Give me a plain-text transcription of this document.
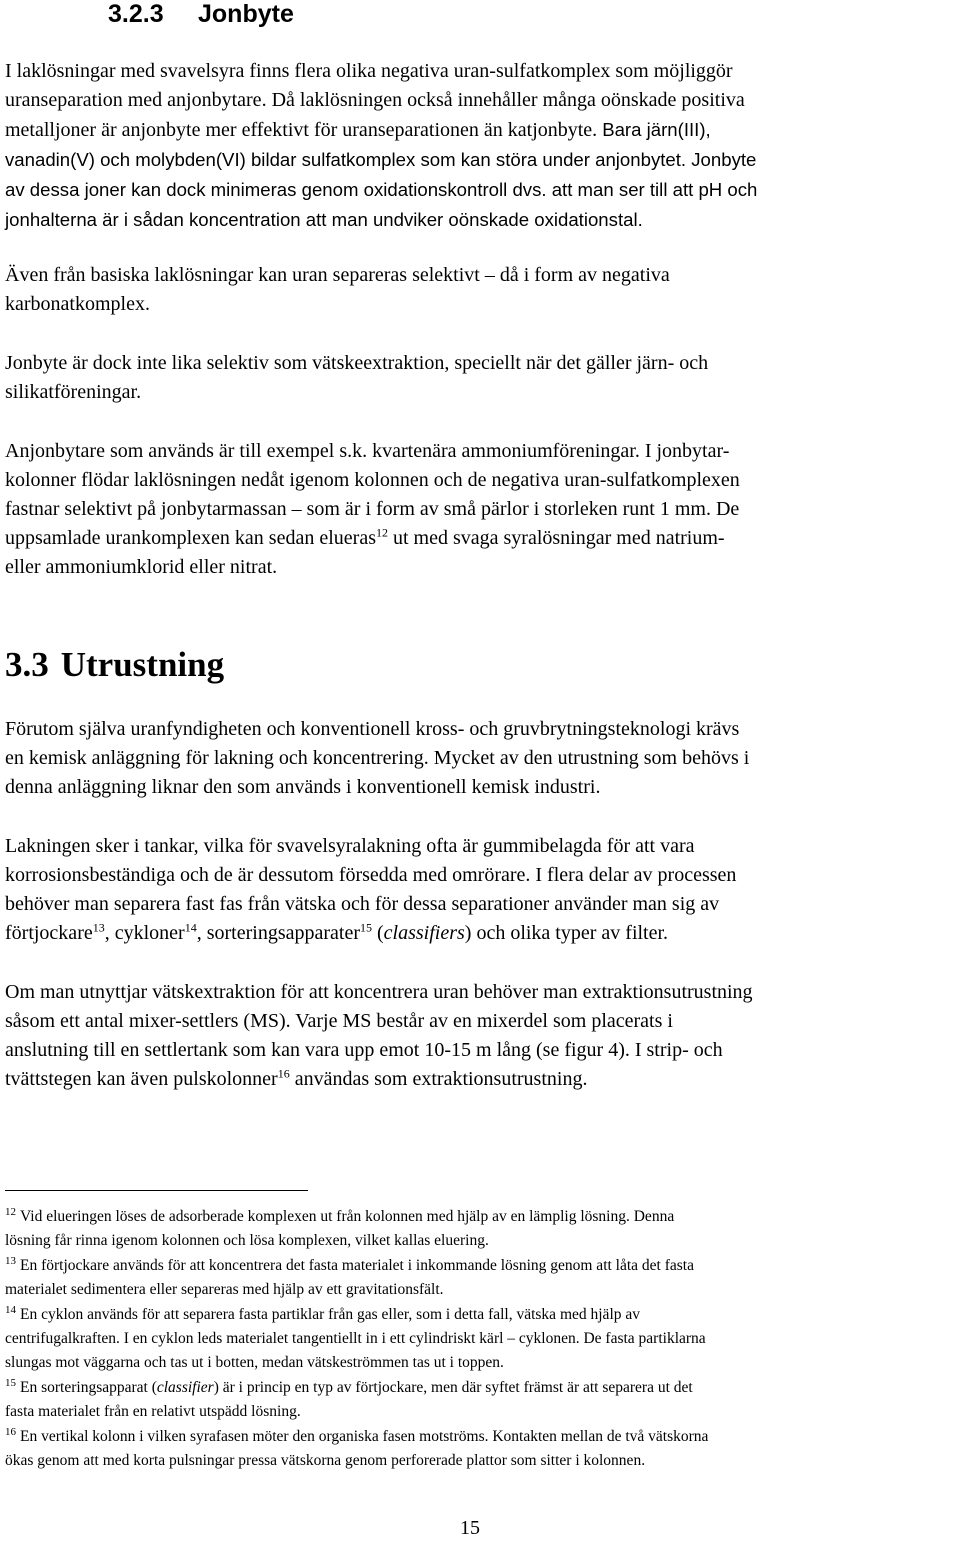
3.2.3 Jonbyte

I laklösningar med svavelsyra finns flera olika negativa uran-sulfatkomplex som möjliggör
uranseparation med anjonbytare. Då laklösningen också innehåller många oönskade positiva
metalljoner är anjonbyte mer effektivt för uranseparationen än katjonbyte. Bara järn(III),
vanadin(V) och molybden(VI) bildar sulfatkomplex som kan störa under anjonbytet. Jonbyte
av dessa joner kan dock minimeras genom oxidationskontroll dvs. att man ser till att pH och
jonhalterna är i sådan koncentration att man undviker oönskade oxidationstal.

Även från basiska laklösningar kan uran separeras selektivt – då i form av negativa
karbonatkomplex.

Jonbyte är dock inte lika selektiv som vätskeextraktion, speciellt när det gäller järn- och
silikatföreningar.

Anjonbytare som används är till exempel s.k. kvartenära ammoniumföreningar. I jonbytar-
kolonner flödar laklösningen nedåt igenom kolonnen och de negativa uran-sulfatkomplexen
fastnar selektivt på jonbytarmassan – som är i form av små pärlor i storleken runt 1 mm. De
uppsamlade urankomplexen kan sedan elueras$^{12}$ ut med svaga syralösningar med natrium-
eller ammoniumklorid eller nitrat.

3.3 Utrustning

Förutom själva uranfyndigheten och konventionell kross- och gruvbrytningsteknologi krävs
en kemisk anläggning för lakning och koncentrering. Mycket av den utrustning som behövs i
denna anläggning liknar den som används i konventionell kemisk industri.

Lakningen sker i tankar, vilka för svavelsyralakning ofta är gummibelagda för att vara
korrosionsbeständiga och de är dessutom försedda med omrörare. I flera delar av processen
behöver man separera fast fas från vätska och för dessa separationer använder man sig av
förtjockare$^{13}$, cykloner$^{14}$, sorteringsapparater$^{15}$ (classifiers) och olika typer av filter.

Om man utnyttjar vätskextraktion för att koncentrera uran behöver man extraktionsutrustning
såsom ett antal mixer-settlers (MS). Varje MS består av en mixerdel som placerats i
anslutning till en settlertank som kan vara upp emot 10-15 m lång (se figur 4). I strip- och
tvättstegen kan även pulskolonner$^{16}$ användas som extraktionsutrustning.

$^{12}$ Vid elueringen löses de adsorberade komplexen ut från kolonnen med hjälp av en lämplig lösning. Denna
lösning får rinna igenom kolonnen och lösa komplexen, vilket kallas eluering.

$^{13}$ En förtjockare används för att koncentrera det fasta materialet i inkommande lösning genom att låta det fasta
materialet sedimentera eller separeras med hjälp av ett gravitationsfält.

$^{14}$ En cyklon används för att separera fasta partiklar från gas eller, som i detta fall, vätska med hjälp av
centrifugalkraften. I en cyklon leds materialet tangentiellt in i ett cylindriskt kärl – cyklonen. De fasta partiklarna
slungas mot väggarna och tas ut i botten, medan vätskeströmmen tas ut i toppen.

$^{15}$ En sorteringsapparat (classifier) är i princip en typ av förtjockare, men där syftet främst är att separera ut det
fasta materialet från en relativt utspädd lösning.

$^{16}$ En vertikal kolonn i vilken syrafasen möter den organiska fasen motströms. Kontakten mellan de två vätskorna
ökas genom att med korta pulsningar pressa vätskorna genom perforerade plattor som sitter i kolonnen.

15
